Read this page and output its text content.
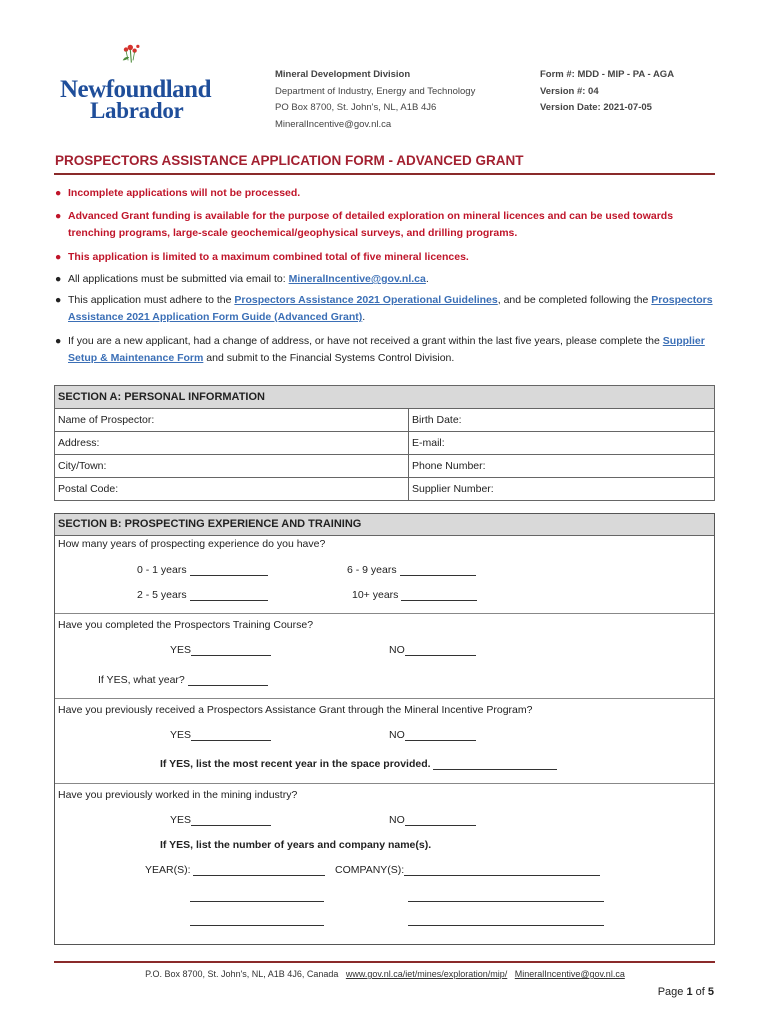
Newfoundland
Labrador
Mineral Development Division
Department of Industry, Energy and Technology
PO Box 8700, St. John's, NL, A1B 4J6
MineralIncentive@gov.nl.ca
Form #: MDD - MIP - PA - AGA
Version #: 04
Version Date: 2021-07-05
PROSPECTORS ASSISTANCE APPLICATION FORM - ADVANCED GRANT
● Incomplete applications will not be processed.
● Advanced Grant funding is available for the purpose of detailed exploration on mineral licences and can be used towards trenching programs, large-scale geochemical/geophysical surveys, and drilling programs.
● This application is limited to a maximum combined total of five mineral licences.
● All applications must be submitted via email to: MineralIncentive@gov.nl.ca.
● This application must adhere to the Prospectors Assistance 2021 Operational Guidelines, and be completed following the Prospectors Assistance 2021 Application Form Guide (Advanced Grant).
● If you are a new applicant, had a change of address, or have not received a grant within the last five years, please complete the Supplier Setup & Maintenance Form and submit to the Financial Systems Control Division.
SECTION A: PERSONAL INFORMATION	
Name of Prospector:	Birth Date:
Address:	E-mail:
City/Town:	Phone Number:
Postal Code:	Supplier Number:
SECTION B: PROSPECTING EXPERIENCE AND TRAINING
How many years of prospecting experience do you have?
0 - 1 years	6 - 9 years
2 - 5 years	10+ years
Have you completed the Prospectors Training Course?
YES	NO
If YES, what year?
Have you previously received a Prospectors Assistance Grant through the Mineral Incentive Program?
YES	NO
If YES, list the most recent year in the space provided.
Have you previously worked in the mining industry?
YES	NO
If YES, list the number of years and company name(s).
YEAR(S):	COMPANY(S):
P.O. Box 8700, St. John's, NL, A1B 4J6, Canada www.gov.nl.ca/iet/mines/exploration/mip/ MineralIncentive@gov.nl.ca
Page 1 of 5
